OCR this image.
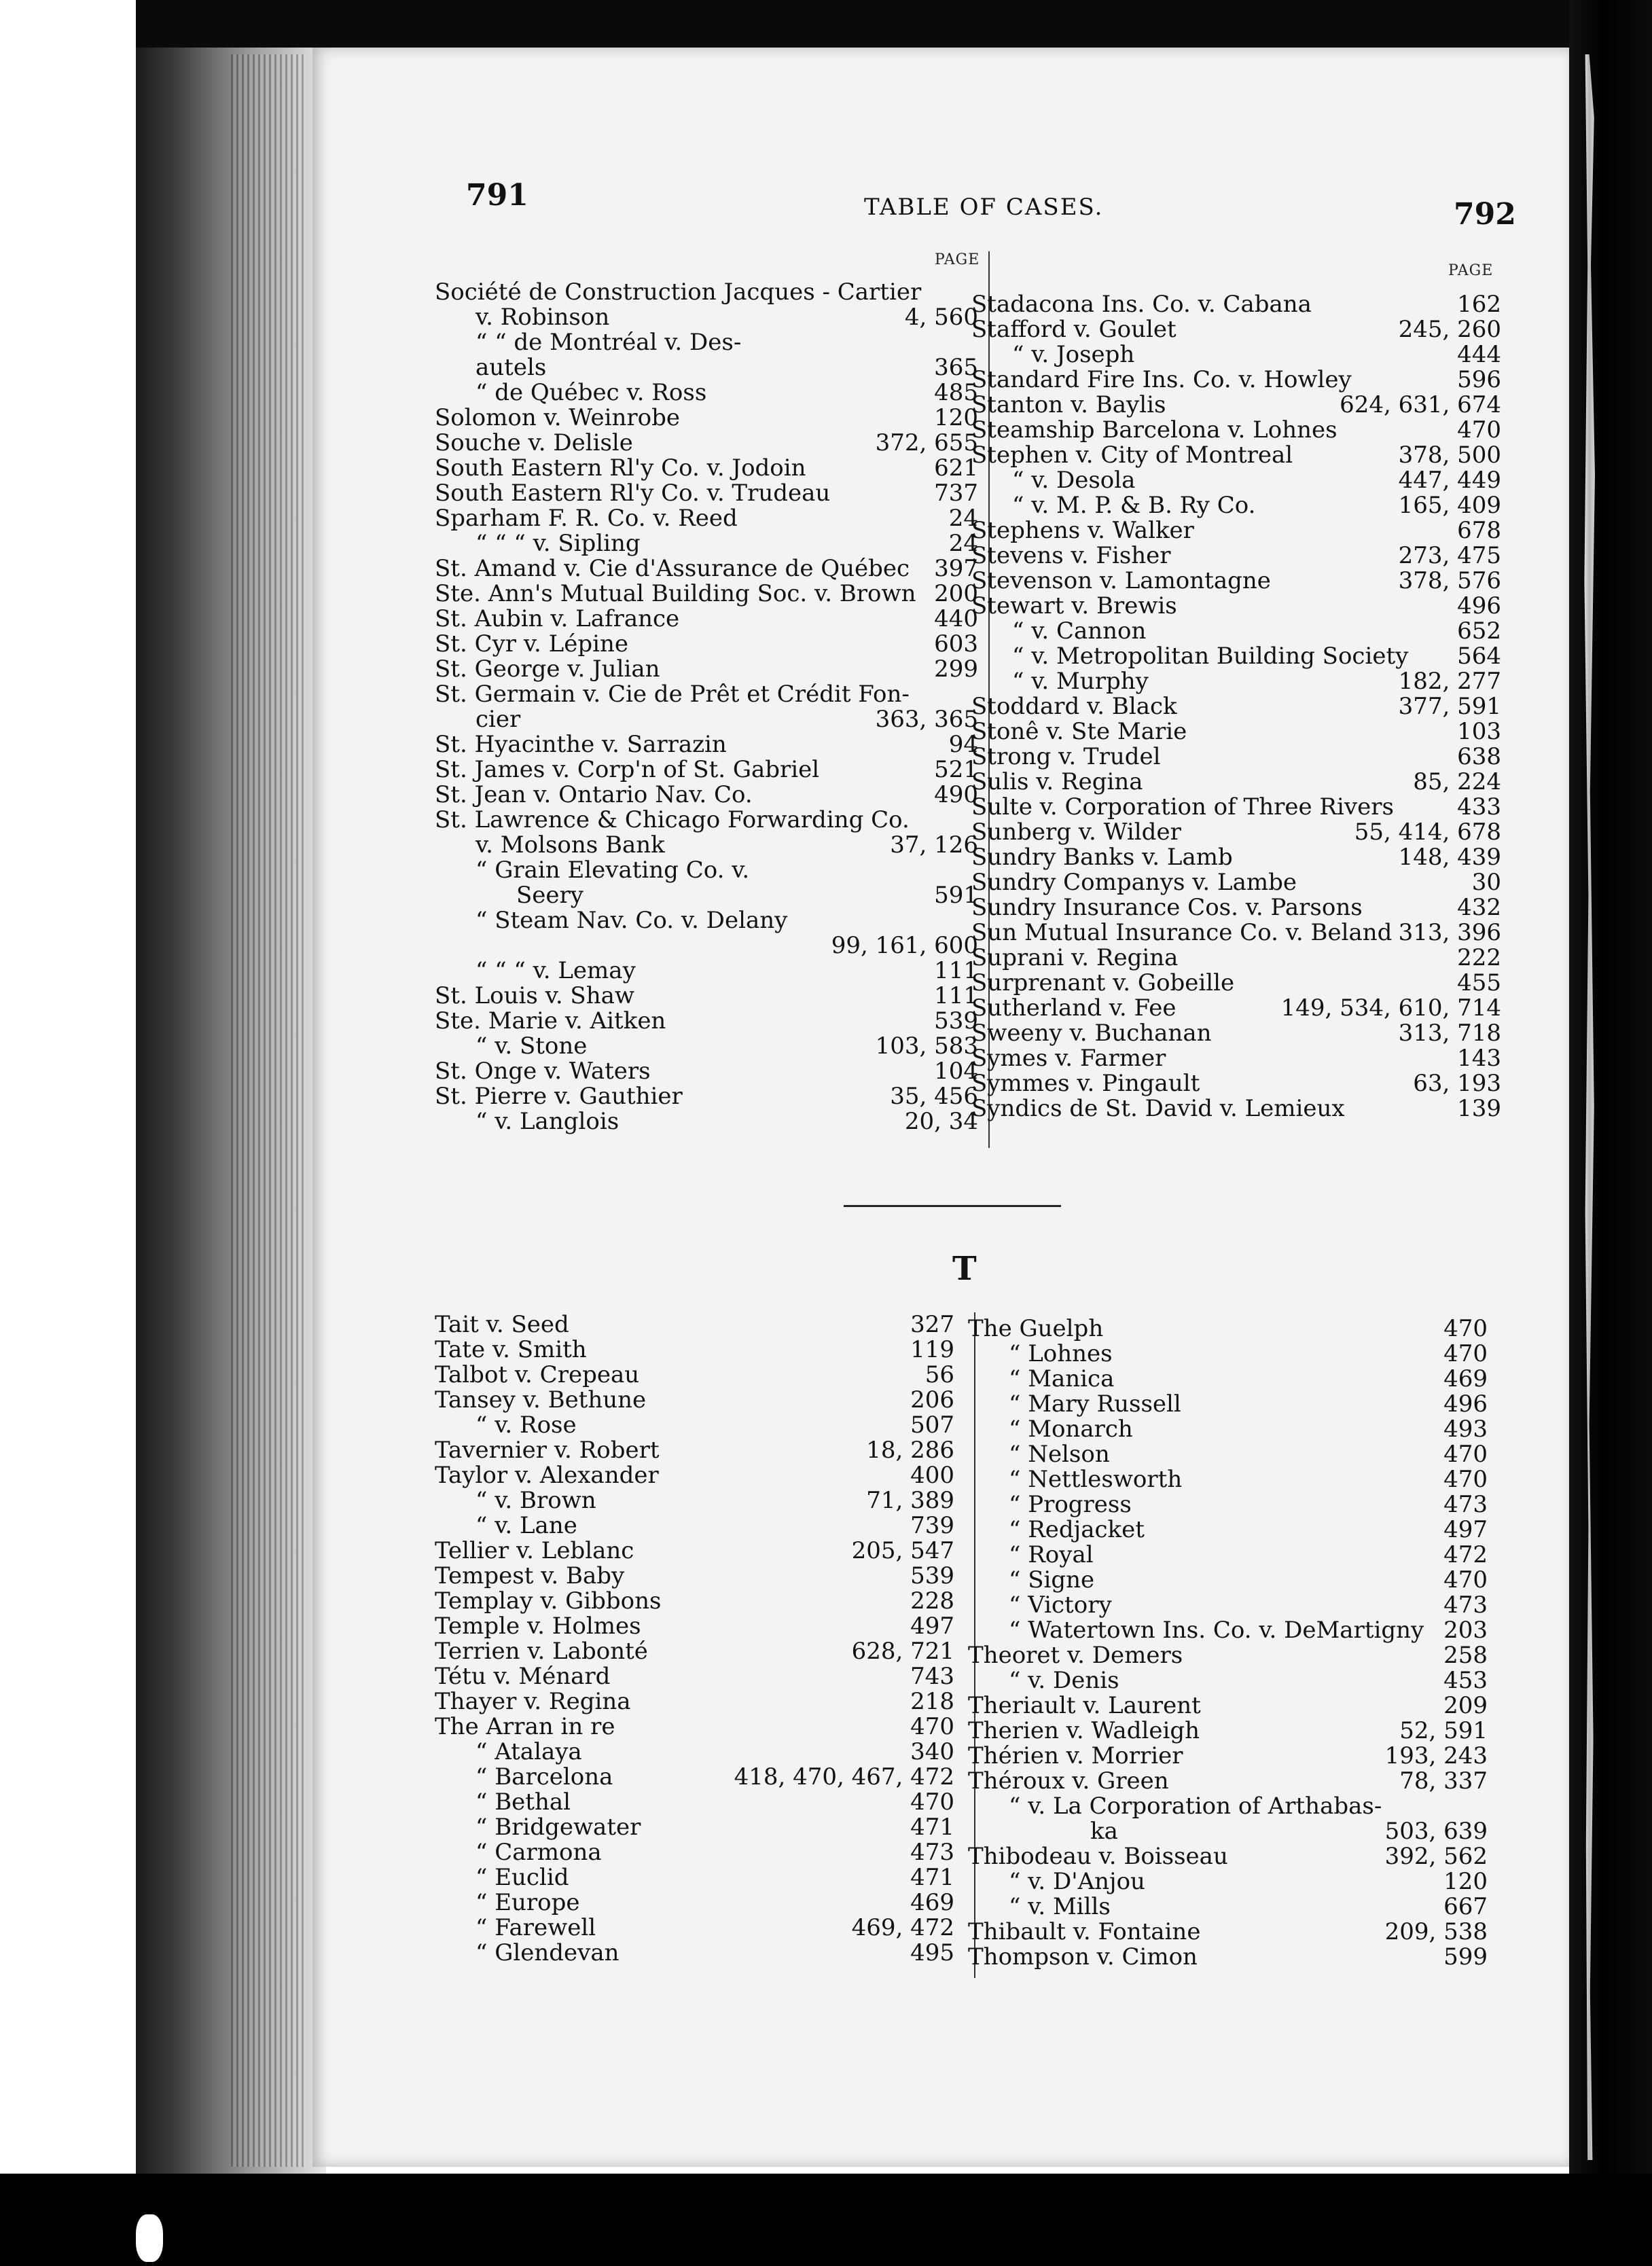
791	TABLE OF CASES.	792
PAGE
PAGE
Société de Construction Jacques - Cartier
v. Robinson	4, 560
“ “ de Montréal v. Des-
autels	365
“ de Québec v. Ross	485
Solomon v. Weinrobe	120
Souche v. Delisle	372, 655
South Eastern Rl'y Co. v. Jodoin	621
South Eastern Rl'y Co. v. Trudeau	737
Sparham F. R. Co. v. Reed	24
“ “ “ v. Sipling	24
St. Amand v. Cie d'Assurance de Québec 397
Ste. Ann's Mutual Building Soc. v. Brown 200
St. Aubin v. Lafrance	440
St. Cyr v. Lépine	603
St. George v. Julian	299
St. Germain v. Cie de Prêt et Crédit Fon-
cier	363, 365
St. Hyacinthe v. Sarrazin	94
St. James v. Corp'n of St. Gabriel	521
St. Jean v. Ontario Nav. Co.	490
St. Lawrence & Chicago Forwarding Co.
v. Molsons Bank	37, 126
“ Grain Elevating Co. v.
Seery	591
“ Steam Nav. Co. v. Delany
99, 161, 600
“ “ “ v. Lemay	111
St. Louis v. Shaw	111
Ste. Marie v. Aitken	539
“ v. Stone	103, 583
St. Onge v. Waters	104
St. Pierre v. Gauthier	35, 456
“ v. Langlois	20, 34
Stadacona Ins. Co. v. Cabana	162
Stafford v. Goulet	245, 260
“ v. Joseph	444
Standard Fire Ins. Co. v. Howley	596
Stanton v. Baylis	624, 631, 674
Steamship Barcelona v. Lohnes	470
Stephen v. City of Montreal	378, 500
“ v. Desola	447, 449
“ v. M. P. & B. Ry Co.	165, 409
Stephens v. Walker	678
Stevens v. Fisher	273, 475
Stevenson v. Lamontagne	378, 576
Stewart v. Brewis	496
“ v. Cannon	652
“ v. Metropolitan Building Society 564
“ v. Murphy	182, 277
Stoddard v. Black	377, 591
Stonê v. Ste Marie	103
Strong v. Trudel	638
Sulis v. Regina	85, 224
Sulte v. Corporation of Three Rivers	433
Sunberg v. Wilder	55, 414, 678
Sundry Banks v. Lamb	148, 439
Sundry Companys v. Lambe	30
Sundry Insurance Cos. v. Parsons	432
Sun Mutual Insurance Co. v. Beland 313, 396
Suprani v. Regina	222
Surprenant v. Gobeille	455
Sutherland v. Fee	149, 534, 610, 714
Sweeny v. Buchanan	313, 718
Symes v. Farmer	143
Symmes v. Pingault	63, 193
Syndics de St. David v. Lemieux	139
T
Tait v. Seed	327
Tate v. Smith	119
Talbot v. Crepeau	56
Tansey v. Bethune	206
“ v. Rose	507
Tavernier v. Robert	18, 286
Taylor v. Alexander	400
“ v. Brown	71, 389
“ v. Lane	739
Tellier v. Leblanc	205, 547
Tempest v. Baby	539
Templay v. Gibbons	228
Temple v. Holmes	497
Terrien v. Labonté	628, 721
Tétu v. Ménard	743
Thayer v. Regina	218
The Arran in re	470
“ Atalaya	340
“ Barcelona	418, 470, 467, 472
“ Bethal	470
“ Bridgewater	471
“ Carmona	473
“ Euclid	471
“ Europe	469
“ Farewell	469, 472
“ Glendevan	495
The Guelph	470
“ Lohnes	470
“ Manica	469
“ Mary Russell	496
“ Monarch	493
“ Nelson	470
“ Nettlesworth	470
“ Progress	473
“ Redjacket	497
“ Royal	472
“ Signe	470
“ Victory	473
“ Watertown Ins. Co. v. DeMartigny 203
Theoret v. Demers	258
“ v. Denis	453
Theriault v. Laurent	209
Therien v. Wadleigh	52, 591
Thérien v. Morrier	193, 243
Théroux v. Green	78, 337
“ v. La Corporation of Arthabas-
ka	503, 639
Thibodeau v. Boisseau	392, 562
“ v. D'Anjou	120
“ v. Mills	667
Thibault v. Fontaine	209, 538
Thompson v. Cimon	599
